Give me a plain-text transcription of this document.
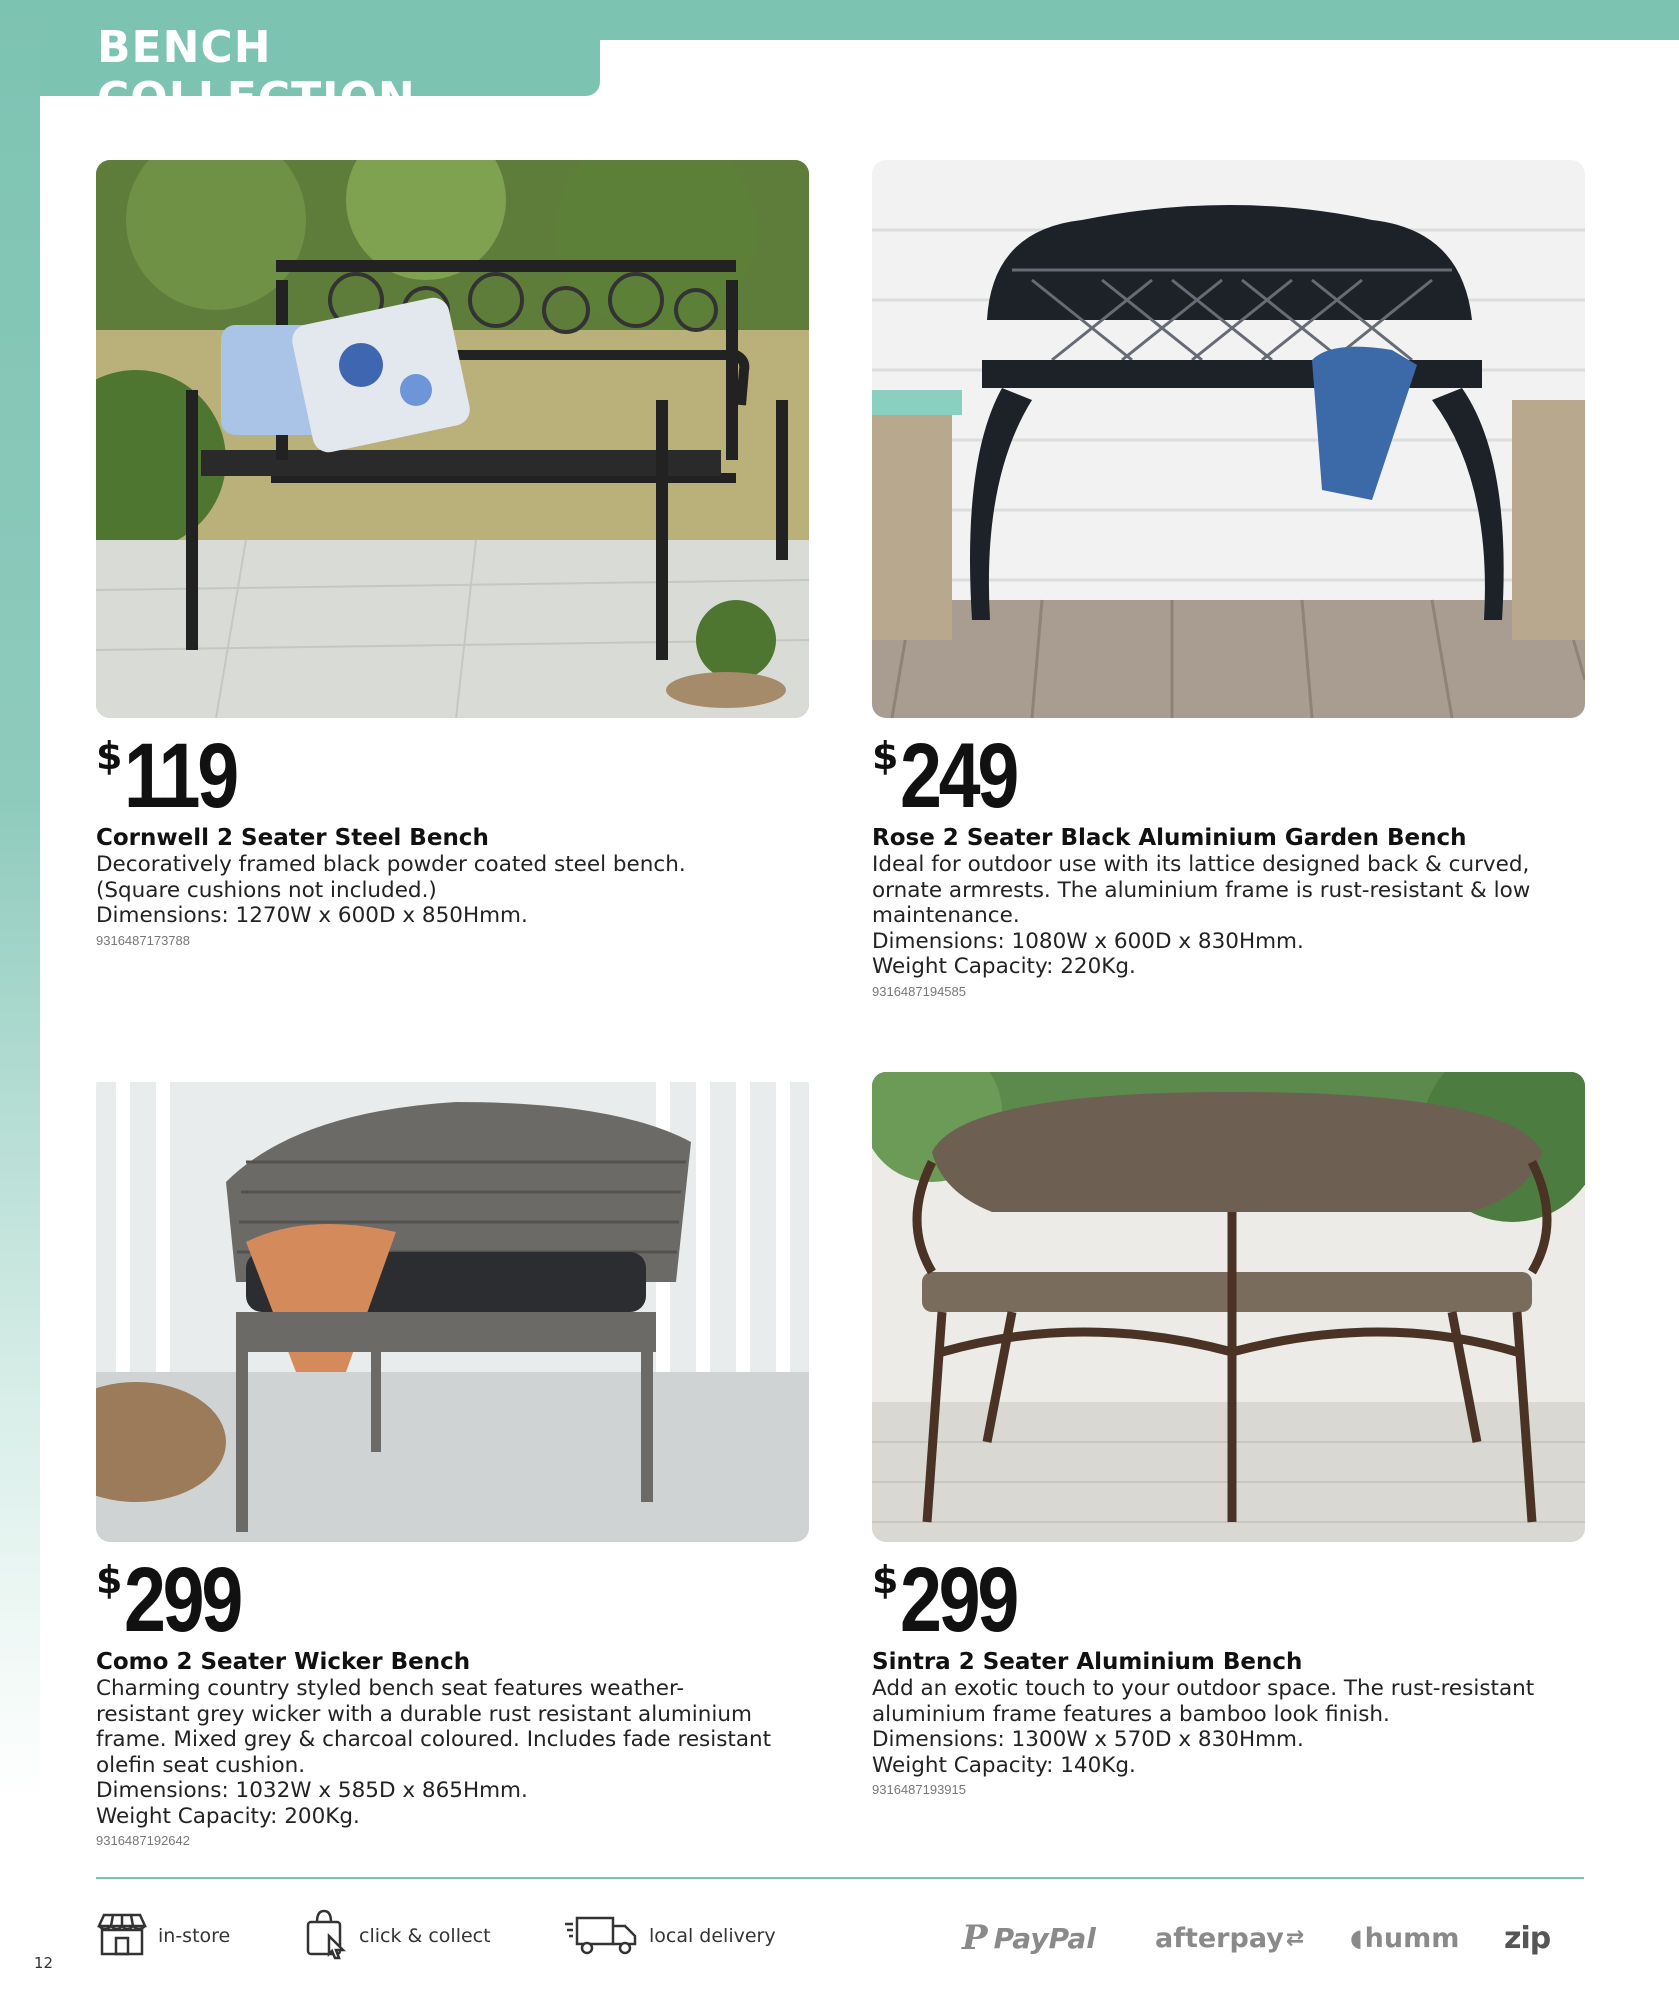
BENCH COLLECTION
$ 119
Cornwell 2 Seater Steel Bench
Decoratively framed black powder coated steel bench.
(Square cushions not included.)
Dimensions: 1270W x 600D x 850Hmm.
9316487173788
$ 249
Rose 2 Seater Black Aluminium Garden Bench
Ideal for outdoor use with its lattice designed back & curved,
ornate armrests. The aluminium frame is rust-resistant & low
maintenance.
Dimensions: 1080W x 600D x 830Hmm.
Weight Capacity: 220Kg.
9316487194585
$ 299
Como 2 Seater Wicker Bench
Charming country styled bench seat features weather-
resistant grey wicker with a durable rust resistant aluminium
frame. Mixed grey & charcoal coloured. Includes fade resistant
olefin seat cushion.
Dimensions: 1032W x 585D x 865Hmm.
Weight Capacity: 200Kg.
9316487192642
$ 299
Sintra 2 Seater Aluminium Bench
Add an exotic touch to your outdoor space. The rust-resistant
aluminium frame features a bamboo look finish.
Dimensions: 1300W x 570D x 830Hmm.
Weight Capacity: 140Kg.
9316487193915
in-store	click & collect	local delivery	P PayPal afterpay ⇄ ◖ humm zip
12
